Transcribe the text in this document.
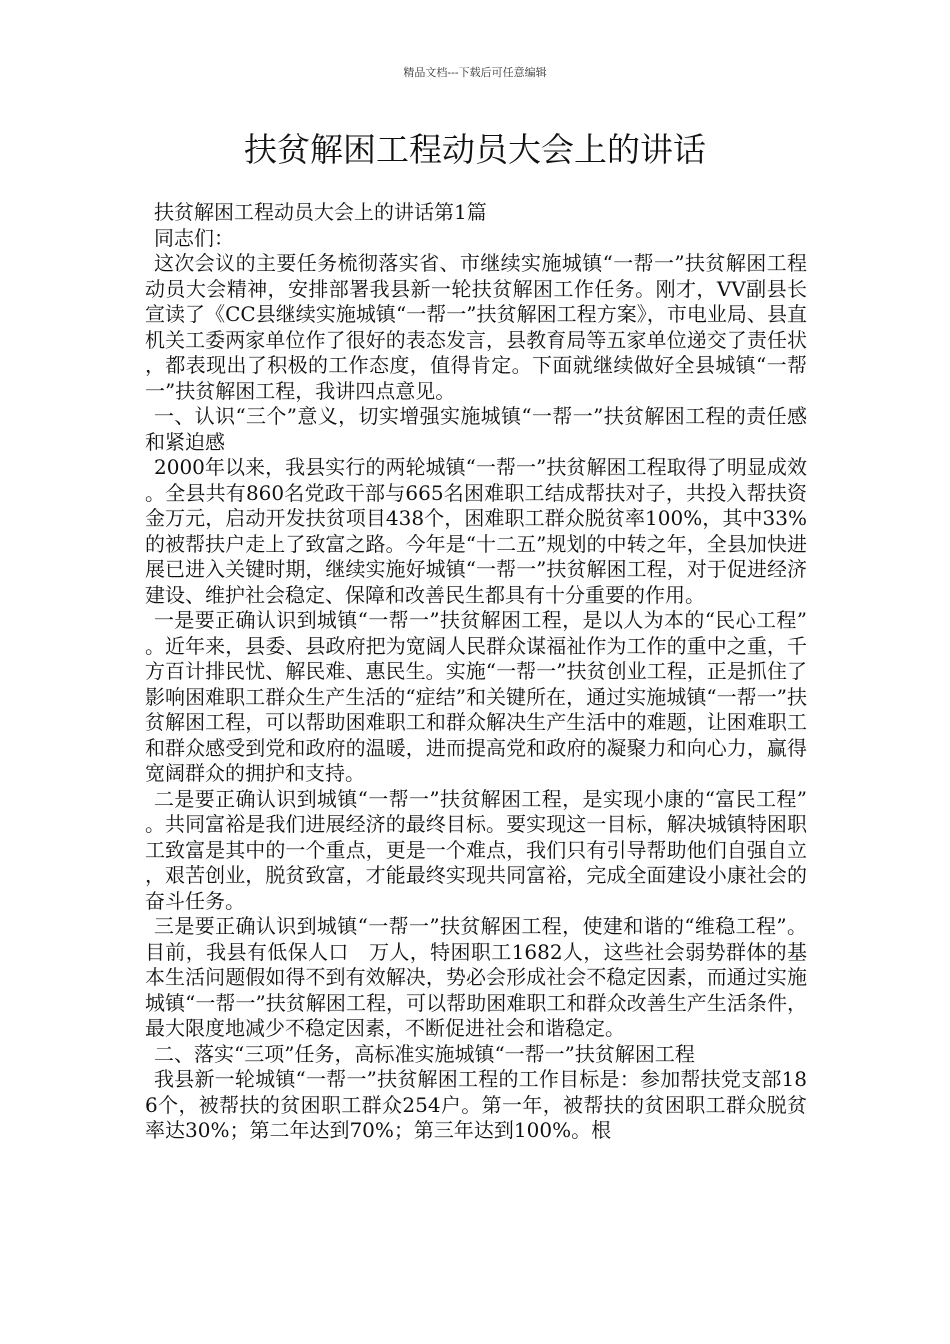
精品文档---下载后可任意编辑
扶贫解困工程动员大会上的讲话

扶贫解困工程动员大会上的讲话第1篇

同志们：

这次会议的主要任务梳彻落实省、市继续实施城镇“一帮一”扶贫解困工程动员大会精神，安排部署我县新一轮扶贫解困工作任务。刚才，VV副县长宣读了《CC县继续实施城镇“一帮一”扶贫解困工程方案》，市电业局、县直机关工委两家单位作了很好的表态发言，县教育局等五家单位递交了责任状，都表现出了积极的工作态度，值得肯定。下面就继续做好全县城镇“一帮一”扶贫解困工程，我讲四点意见。

一、认识“三个”意义，切实增强实施城镇“一帮一”扶贫解困工程的责任感和紧迫感

2000年以来，我县实行的两轮城镇“一帮一”扶贫解困工程取得了明显成效。全县共有860名党政干部与665名困难职工结成帮扶对子，共投入帮扶资金万元，启动开发扶贫项目438个，困难职工群众脱贫率100%，其中33%的被帮扶户走上了致富之路。今年是“十二五”规划的中转之年，全县加快进展已进入关键时期，继续实施好城镇“一帮一”扶贫解困工程，对于促进经济建设、维护社会稳定、保障和改善民生都具有十分重要的作用。

一是要正确认识到城镇“一帮一”扶贫解困工程，是以人为本的“民心工程”。近年来，县委、县政府把为宽阔人民群众谋福祉作为工作的重中之重，千方百计排民忧、解民难、惠民生。实施“一帮一”扶贫创业工程，正是抓住了影响困难职工群众生产生活的“症结”和关键所在，通过实施城镇“一帮一”扶贫解困工程，可以帮助困难职工和群众解决生产生活中的难题，让困难职工和群众感受到党和政府的温暖，进而提高党和政府的凝聚力和向心力，赢得宽阔群众的拥护和支持。

二是要正确认识到城镇“一帮一”扶贫解困工程，是实现小康的“富民工程”。共同富裕是我们进展经济的最终目标。要实现这一目标，解决城镇特困职工致富是其中的一个重点，更是一个难点，我们只有引导帮助他们自强自立，艰苦创业，脱贫致富，才能最终实现共同富裕，完成全面建设小康社会的奋斗任务。

三是要正确认识到城镇“一帮一”扶贫解困工程，使建和谐的“维稳工程”。目前，我县有低保人口　万人，特困职工1682人，这些社会弱势群体的基本生活问题假如得不到有效解决，势必会形成社会不稳定因素，而通过实施城镇“一帮一”扶贫解困工程，可以帮助困难职工和群众改善生产生活条件，最大限度地减少不稳定因素，不断促进社会和谐稳定。

二、落实“三项”任务，高标准实施城镇“一帮一”扶贫解困工程

我县新一轮城镇“一帮一”扶贫解困工程的工作目标是：参加帮扶党支部186个，被帮扶的贫困职工群众254户。第一年，被帮扶的贫困职工群众脱贫率达30%；第二年达到70%；第三年达到100%。根
